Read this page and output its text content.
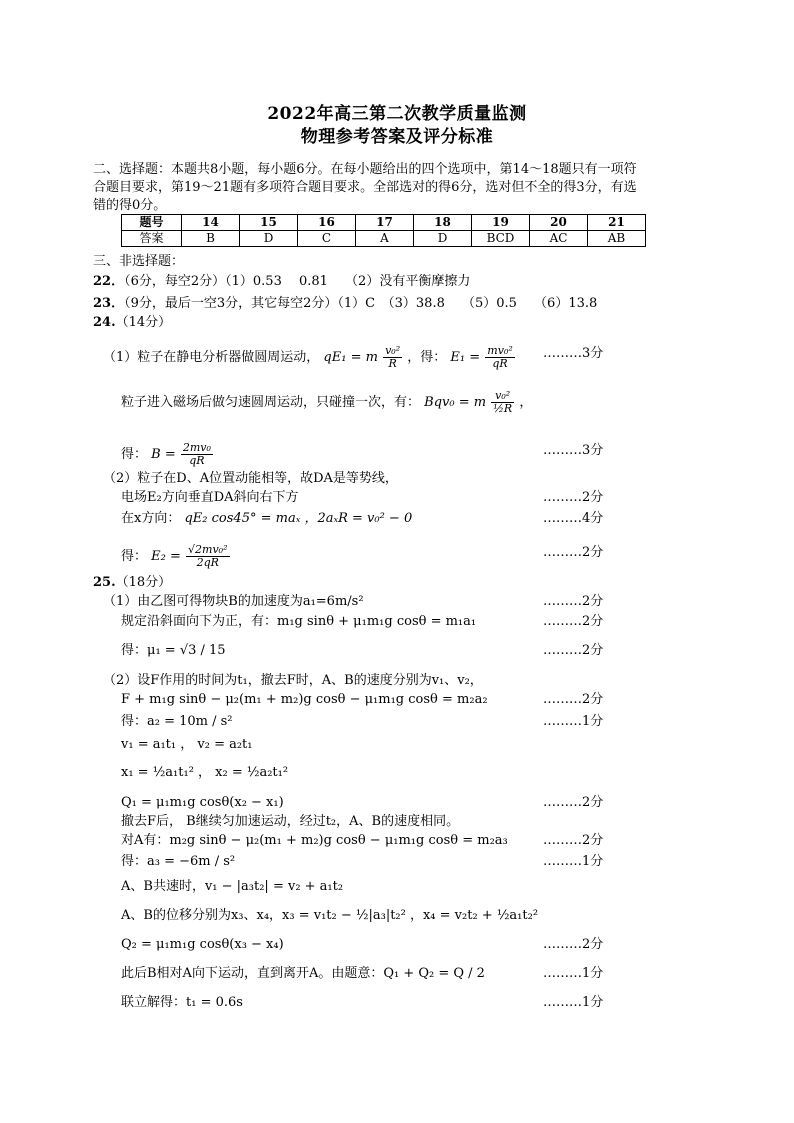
2022年高三第二次教学质量监测
物理参考答案及评分标准
二、选择题：本题共8小题，每小题6分。在每小题给出的四个选项中，第14～18题只有一项符
合题目要求，第19～21题有多项符合题目要求。全部选对的得6分，选对但不全的得3分，有选
错的得0分。
题号	14	15	16	17	18	19	20	21
答案	B	D	C	A	D	BCD	AC	AB
三、非选择题：
22．（6分，每空2分）（1）0.53　 0.81　 （2）没有平衡摩擦力
23．（9分，最后一空3分，其它每空2分）（1）C　（3）38.8　 （5）0.5　 （6）13.8
24.（14分）
（1）粒子在静电分析器做圆周运动， qE₁ = m $\frac{\text{v₀²}}{R}$ ，得： $E_1 = \frac{\text{mv₀²}}{qR}$ ………3分
粒子进入磁场后做匀速圆周运动，只碰撞一次，有： Bqv₀ = m $\frac{\text{v₀²}}{\text{½R}}$ ，
得： $B = \frac{\text{2mv₀}}{qR}$	………3分
（2）粒子在D、A位置动能相等，故DA是等势线，
电场E₂方向垂直DA斜向右下方	………2分
在x方向： qE₂ cos45° = maₓ ，2aₓR = v₀² − 0	………4分
得： $E_2 = \frac{\text{√2mv₀²}}{2qR}$	………2分
25.（18分）
（1）由乙图可得物块B的加速度为a₁=6m/s²	………2分
规定沿斜面向下为正，有：m₁g sinθ + μ₁m₁g cosθ = m₁a₁	………2分
得：μ₁ = √3 / 15	………2分
（2）设F作用的时间为t₁，撤去F时，A、B的速度分别为v₁、v₂，
F + m₁g sinθ − μ₂(m₁ + m₂)g cosθ − μ₁m₁g cosθ = m₂a₂	………2分
得：a₂ = 10m / s²	………1分
v₁ = a₁t₁ ， v₂ = a₂t₁
x₁ = ½a₁t₁² ， x₂ = ½a₂t₁²
Q₁ = μ₁m₁g cosθ(x₂ − x₁)	………2分
撤去F后， B继续匀加速运动，经过t₂，A、B的速度相同。
对A有：m₂g sinθ − μ₂(m₁ + m₂)g cosθ − μ₁m₁g cosθ = m₂a₃	………2分
得：a₃ = −6m / s²	………1分
A、B共速时，v₁ − |a₃t₂| = v₂ + a₁t₂
A、B的位移分别为x₃、x₄，x₃ = v₁t₂ − ½|a₃|t₂² ，x₄ = v₂t₂ + ½a₁t₂²
Q₂ = μ₁m₁g cosθ(x₃ − x₄)	………2分
此后B相对A向下运动，直到离开A。由题意：Q₁ + Q₂ = Q / 2	………1分
联立解得：t₁ = 0.6s	………1分
